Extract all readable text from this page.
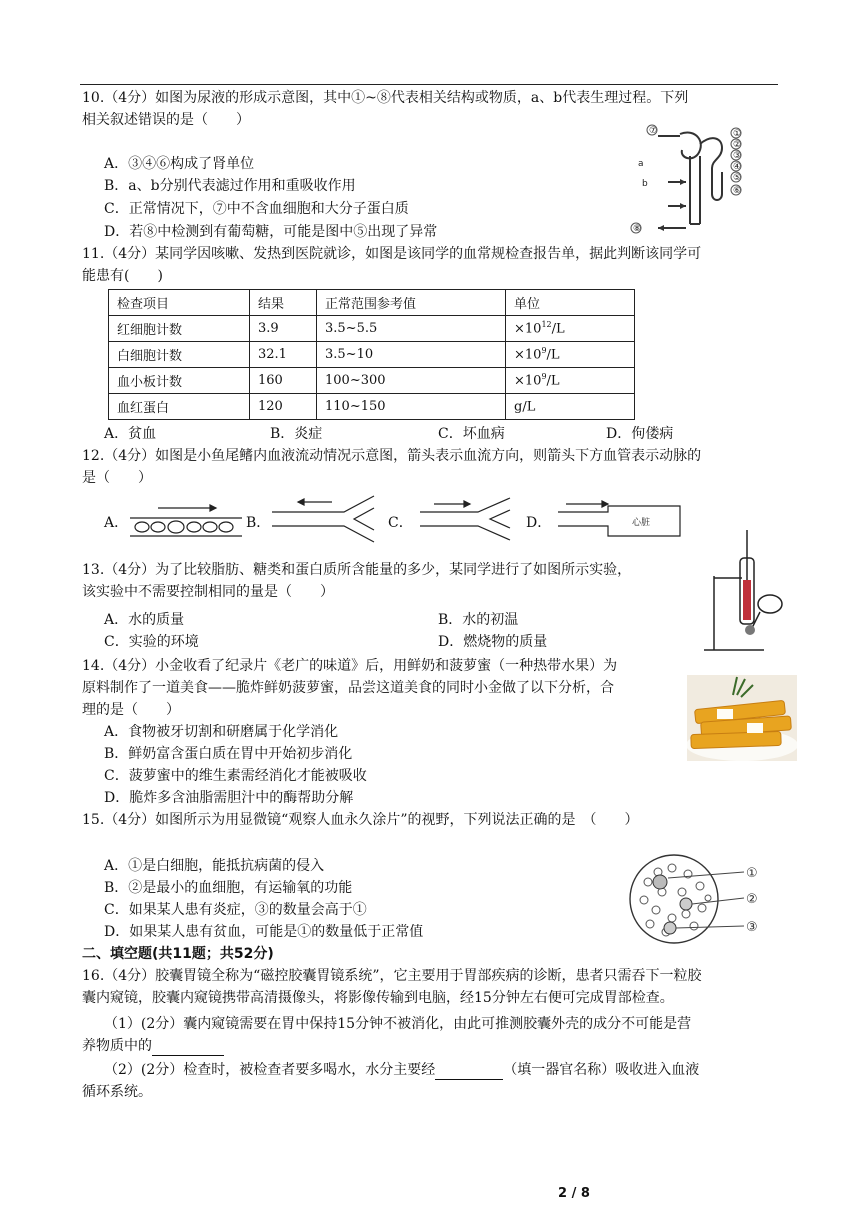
10.（4分）如图为尿液的形成示意图，其中①~⑧代表相关结构或物质，a、b代表生理过程。下列
相关叙述错误的是（　　）
A．③④⑥构成了肾单位
B．a、b分别代表滤过作用和重吸收作用
C．正常情况下，⑦中不含血细胞和大分子蛋白质
D．若⑧中检测到有葡萄糖，可能是图中⑤出现了异常
①
②
③
④
⑤
⑥
⑦
⑧
a
b
11.（4分）某同学因咳嗽、发热到医院就诊，如图是该同学的血常规检查报告单，据此判断该同学可
能患有(　　)
检查项目	结果	正常范围参考值	单位
红细胞计数	3.9	3.5~5.5	$\times 10^{12}/L$
白细胞计数	32.1	3.5~10	$\times 10^9/L$
血小板计数	160	100~300	$\times 10^9/L$
血红蛋白	120	110~150	g/L
A．贫血	B．炎症	C．坏血病	D．佝偻病
12.（4分）如图是小鱼尾鳍内血液流动情况示意图，箭头表示血流方向，则箭头下方血管表示动脉的
是（　　）
A．	B．	C．	D．	心脏
13.（4分）为了比较脂肪、糖类和蛋白质所含能量的多少，某同学进行了如图所示实验，
该实验中不需要控制相同的量是（　　）
A．水的质量	B．水的初温
C．实验的环境	D．燃烧物的质量
14.（4分）小金收看了纪录片《老广的味道》后，用鲜奶和菠萝蜜（一种热带水果）为
原料制作了一道美食——脆炸鲜奶菠萝蜜，品尝这道美食的同时小金做了以下分析，合
理的是（　　）
A．食物被牙切割和研磨属于化学消化
B．鲜奶富含蛋白质在胃中开始初步消化
C．菠萝蜜中的维生素需经消化才能被吸收
D．脆炸多含油脂需胆汁中的酶帮助分解
15.（4分）如图所示为用显微镜“观察人血永久涂片”的视野，下列说法正确的是　（　　）
A．①是白细胞，能抵抗病菌的侵入
B．②是最小的血细胞，有运输氧的功能
C．如果某人患有炎症，③的数量会高于①
D．如果某人患有贫血，可能是①的数量低于正常值
①
②
③
二、填空题(共11题；共52分)
16.（4分）胶囊胃镜全称为“磁控胶囊胃镜系统”，它主要用于胃部疾病的诊断，患者只需吞下一粒胶
囊内窥镜，胶囊内窥镜携带高清摄像头，将影像传输到电脑，经15分钟左右便可完成胃部检查。
（1）(2分）囊内窥镜需要在胃中保持15分钟不被消化，由此可推测胶囊外壳的成分不可能是营
养物质中的
（2）(2分）检查时，被检查者要多喝水，水分主要经	（填一器官名称）吸收进入血液
循环系统。
2 / 8
